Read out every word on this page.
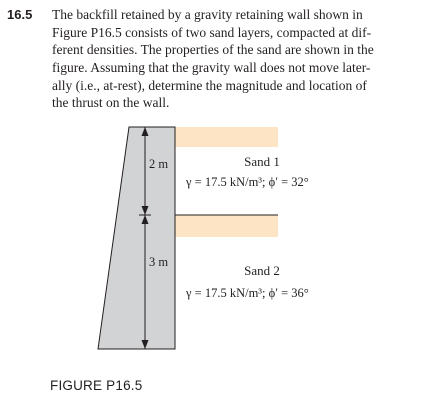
16.5 The backfill retained by a gravity retaining wall shown in
Figure P16.5 consists of two sand layers, compacted at dif-
ferent densities. The properties of the sand are shown in the
figure. Assuming that the gravity wall does not move later-
ally (i.e., at-rest), determine the magnitude and location of
the thrust on the wall.
2 m
3 m
Sand 1
γ = 17.5 kN/m³; ϕ′ = 32°
Sand 2
γ = 17.5 kN/m³; ϕ′ = 36°
FIGURE P16.5
